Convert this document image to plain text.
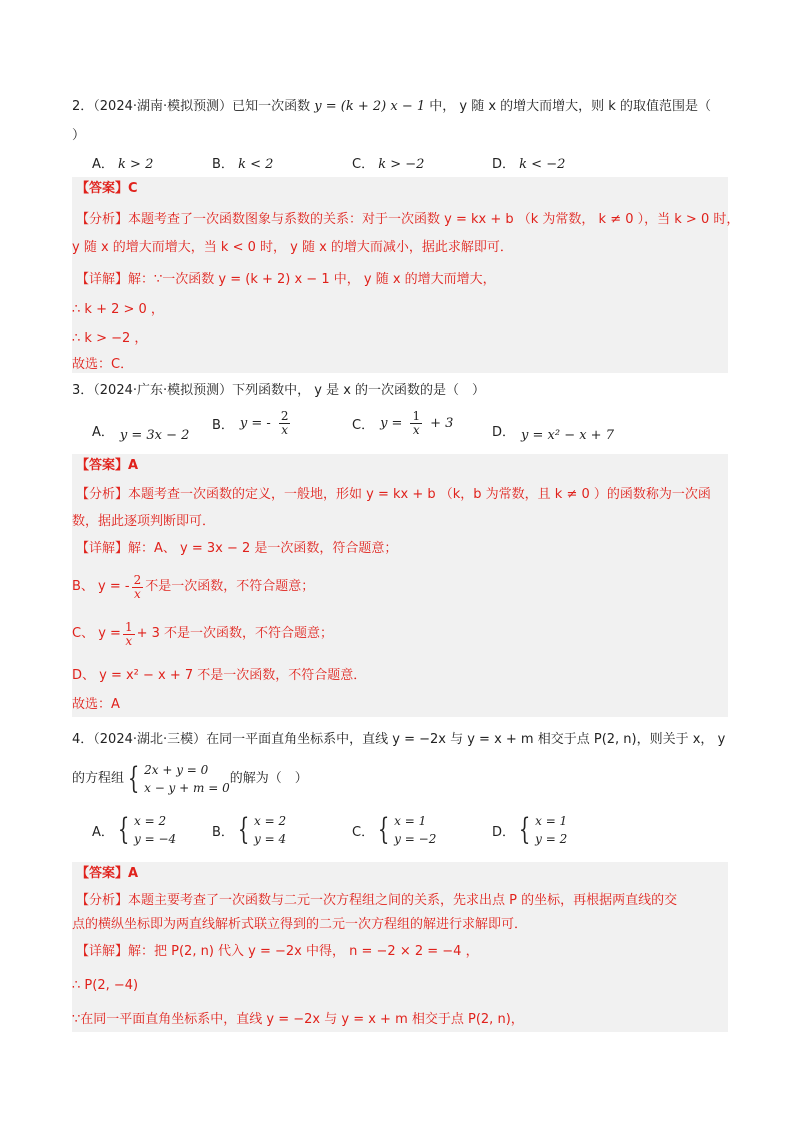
2．（2024·湖南·模拟预测）已知一次函数 y = (k + 2) x − 1 中， y 随 x 的增大而增大，则 k 的取值范围是（
）
A． k > 2	B． k < 2	C． k > −2	D． k < −2
【答案】C
【分析】本题考查了一次函数图象与系数的关系：对于一次函数 y = kx + b （k 为常数， k ≠ 0 ），当 k > 0 时，
y 随 x 的增大而增大，当 k < 0 时， y 随 x 的增大而减小，据此求解即可．
【详解】解：∵一次函数 y = (k + 2) x − 1 中， y 随 x 的增大而增大，
∴ k + 2 > 0 ，
∴ k > −2 ，
故选：C．
3．（2024·广东·模拟预测）下列函数中， y 是 x 的一次函数的是（　）
A． y = 3x − 2
B． y = - $\frac{2}{x}$	C． $y = \frac{1}{x} + 3$
D． y = x² − x + 7
【答案】A
【分析】本题考查一次函数的定义，一般地，形如 y = kx + b （k，b 为常数，且 k ≠ 0 ）的函数称为一次函
数，据此逐项判断即可．
【详解】解：A、 y = 3x − 2 是一次函数，符合题意；
B、 y = - $\frac{2}{x}$ 不是一次函数，不符合题意；
C、 $y = \frac{1}{x} + 3$ 不是一次函数，不符合题意；
D、 y = x² − x + 7 不是一次函数，不符合题意．
故选：A
4．（2024·湖北·三模）在同一平面直角坐标系中，直线 y = −2x 与 y = x + m 相交于点 P(2, n)，则关于 x， y
的方程组 { 2x + y = 0
x − y + m = 0
的解为（　）
A． { x = 2
y = −4	B． { x = 2
y = 4	C． { x = 1
y = −2	D． { x = 1
y = 2
【答案】A
【分析】本题主要考查了一次函数与二元一次方程组之间的关系，先求出点 P 的坐标，再根据两直线的交
点的横纵坐标即为两直线解析式联立得到的二元一次方程组的解进行求解即可．
【详解】解：把 P(2, n) 代入 y = −2x 中得， n = −2 × 2 = −4 ，
∴ P(2, −4)
∵在同一平面直角坐标系中，直线 y = −2x 与 y = x + m 相交于点 P(2, n)，
